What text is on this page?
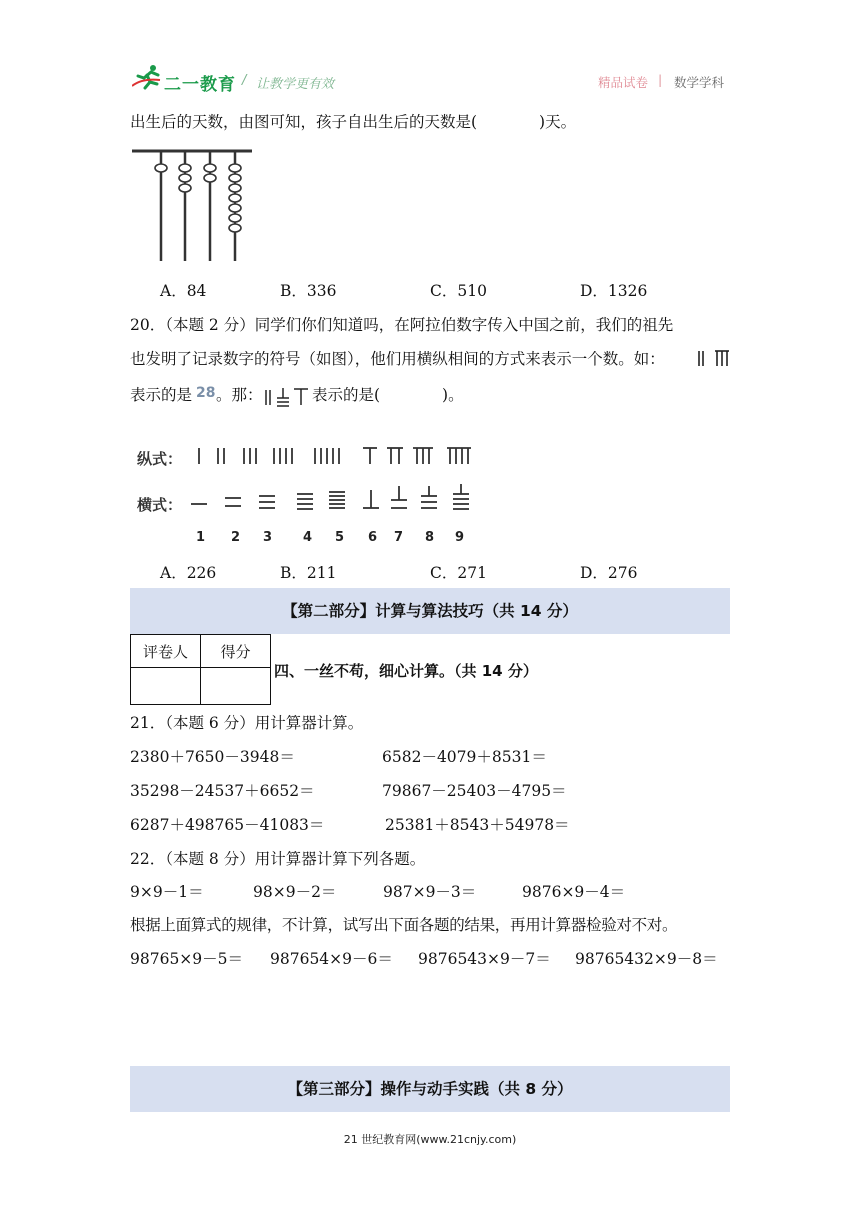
二一教育 / 让教学更有效	精品试卷 | 数学学科
出生后的天数，由图可知，孩子自出生后的天数是(　　　　)天。
A．84	B．336	C．510	D．1326
20．（本题 2 分）同学们你们知道吗，在阿拉伯数字传入中国之前，我们的祖先
也发明了记录数字的符号（如图），他们用横纵相间的方式来表示一个数。如：
表示的是 28 。那：	表示的是(　　　　)。
纵式：
横式：
1 2 3 4 5 6 7 8 9
A．226	B．211	C．271	D．276
【第二部分】计算与算法技巧（共 14 分）
评卷人	得分

四、一丝不苟，细心计算。（共 14 分）
21．（本题 6 分）用计算器计算。
2380＋7650－3948＝	6582－4079＋8531＝
35298－24537＋6652＝	79867－25403－4795＝
6287＋498765－41083＝	25381＋8543＋54978＝
22．（本题 8 分）用计算器计算下列各题。
9×9－1＝	98×9－2＝	987×9－3＝	9876×9－4＝
根据上面算式的规律，不计算，试写出下面各题的结果，再用计算器检验对不对。
98765×9－5＝ 987654×9－6＝ 9876543×9－7＝ 98765432×9－8＝
【第三部分】操作与动手实践（共 8 分）
21 世纪教育网(www.21cnjy.com)
